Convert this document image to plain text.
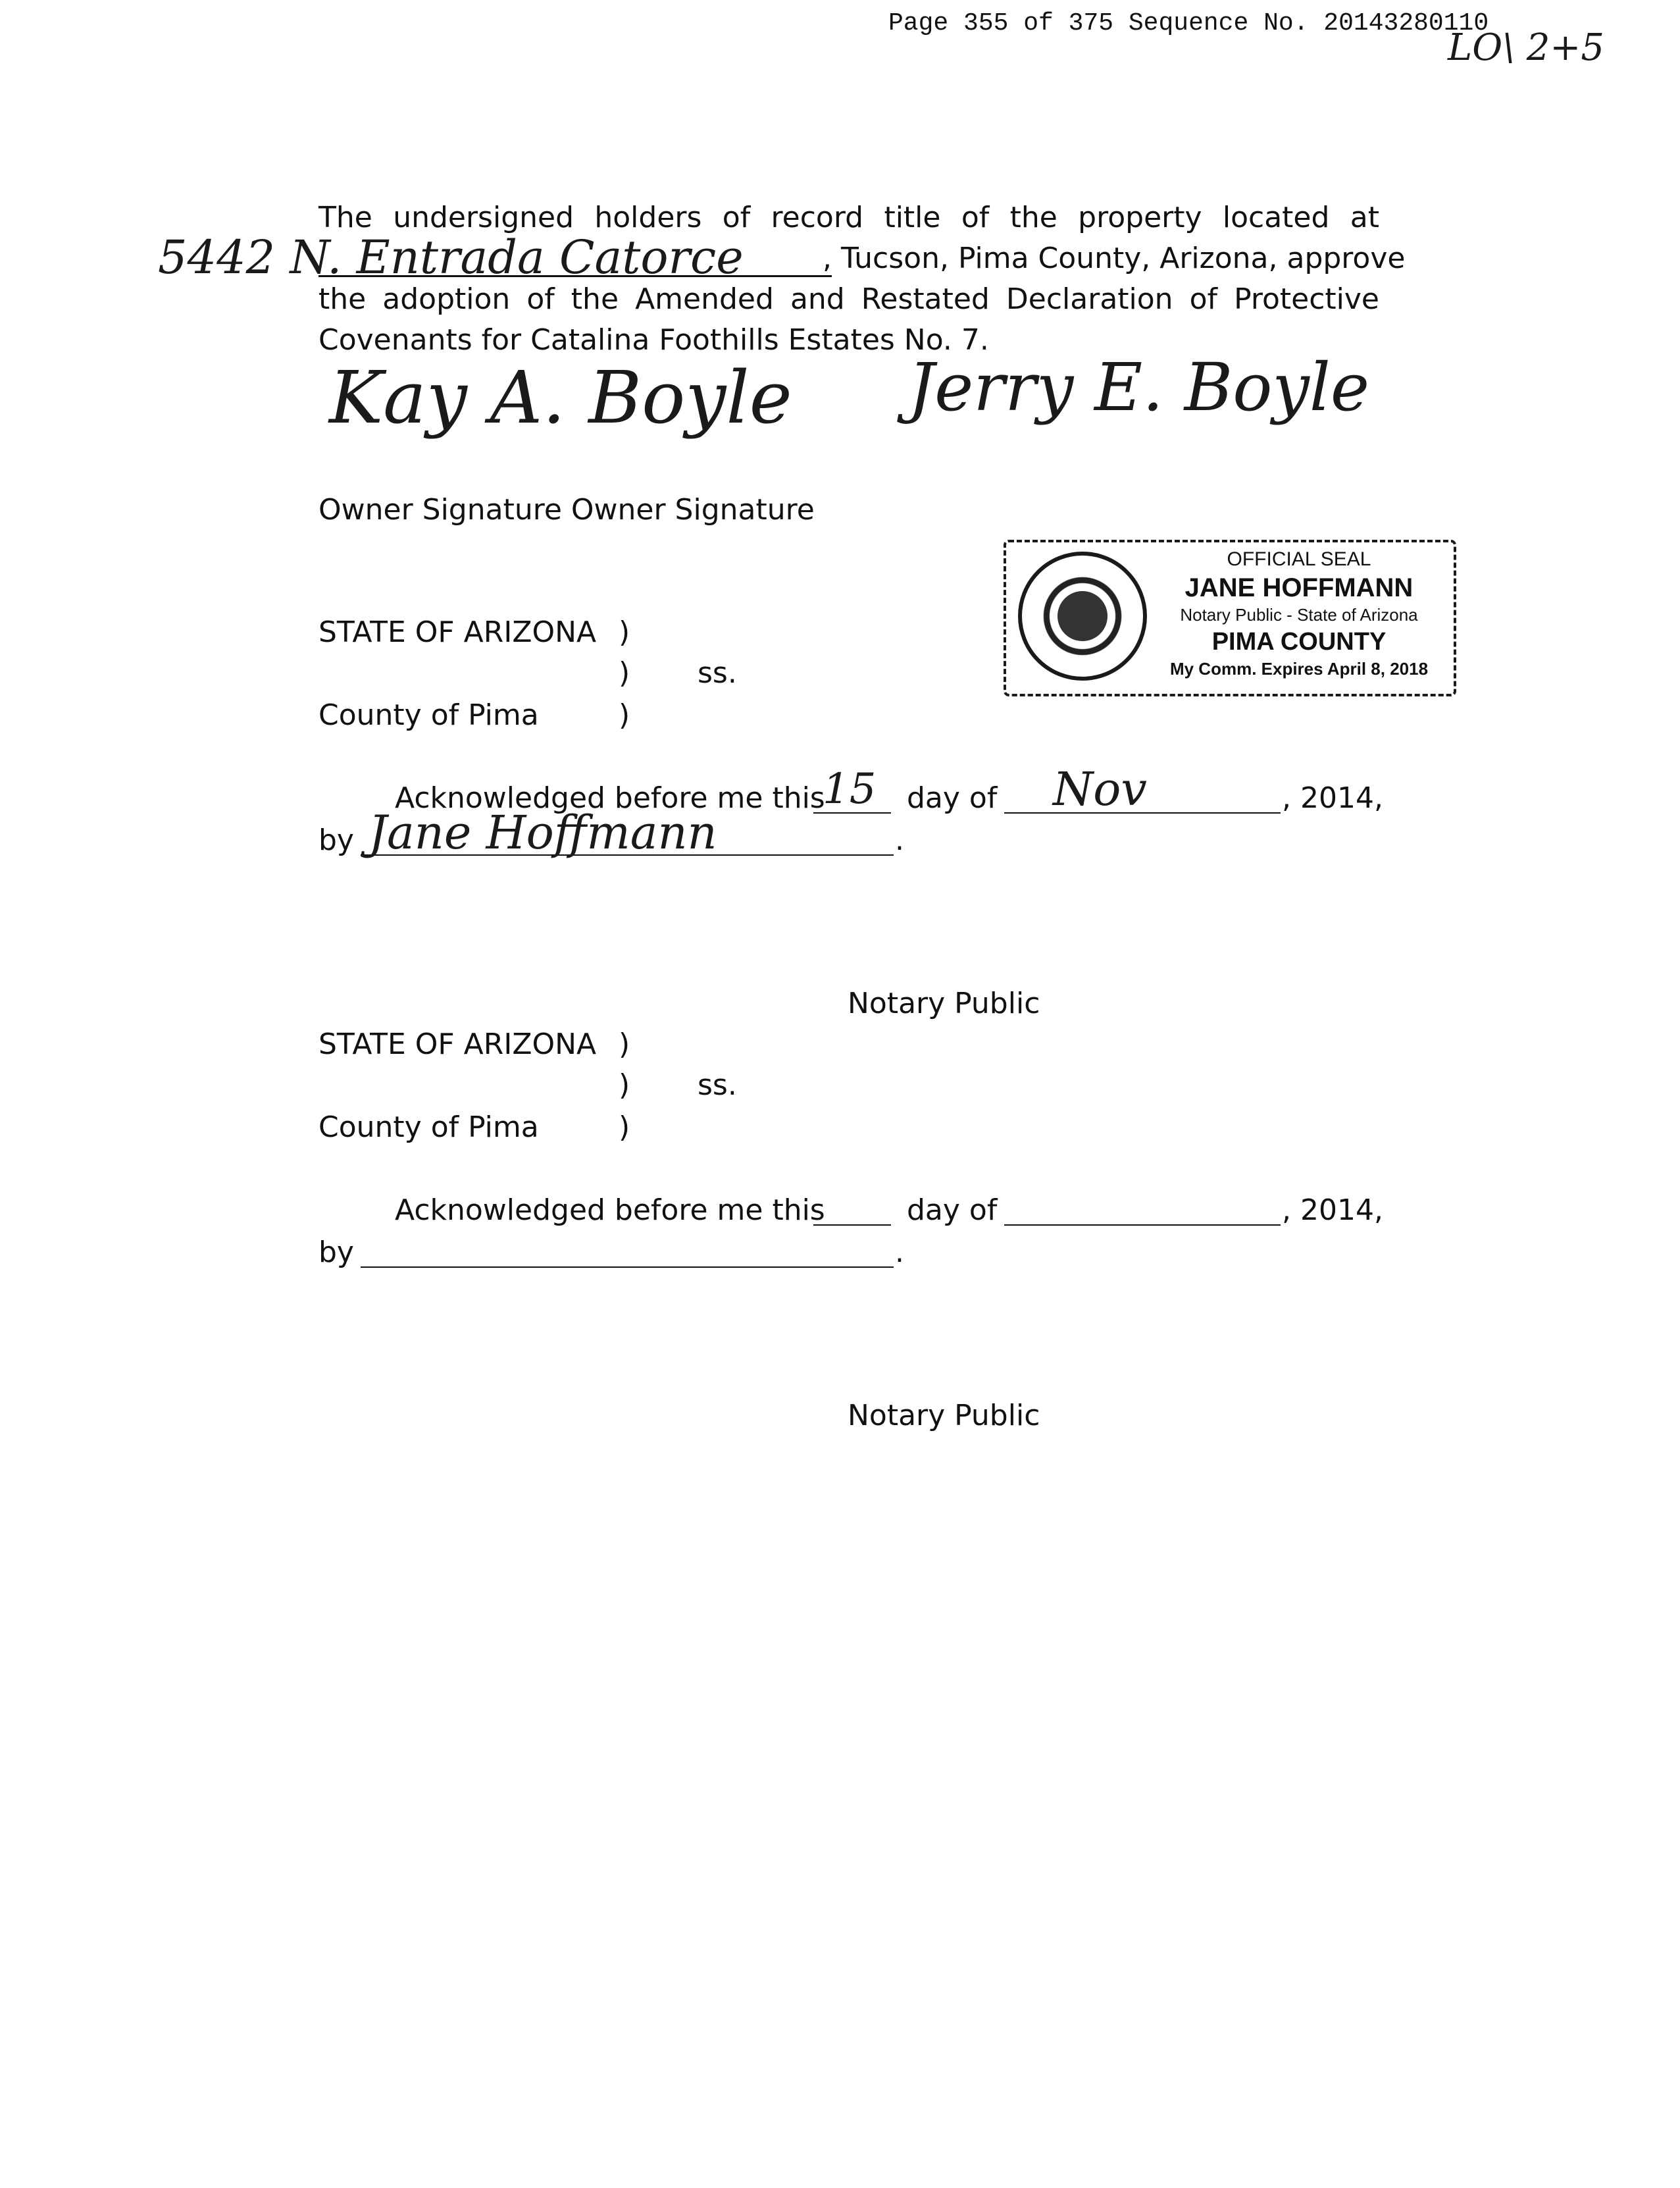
Page 355 of 375 Sequence No. 20143280110
LO\ 2+5
The undersigned holders of record title of the property located at
5442 N. Entrada Catorce	, Tucson, Pima County, Arizona, approve
the adoption of the Amended and Restated Declaration of Protective
Covenants for Catalina Foothills Estates No. 7.
Kay A. Boyle Jerry E. Boyle
Owner Signature Owner Signature
OFFICIAL SEAL
JANE HOFFMANN
Notary Public - State of Arizona
PIMA COUNTY
My Comm. Expires April 8, 2018
STATE OF ARIZONA )
) ss.
County of Pima	)
Acknowledged before me this
15 day of Nov	, 2014,
by Jane Hoffmann	.
Notary Public
STATE OF ARIZONA )
) ss.
County of Pima	)
Acknowledged before me this	day of	, 2014,
by	.
Notary Public
